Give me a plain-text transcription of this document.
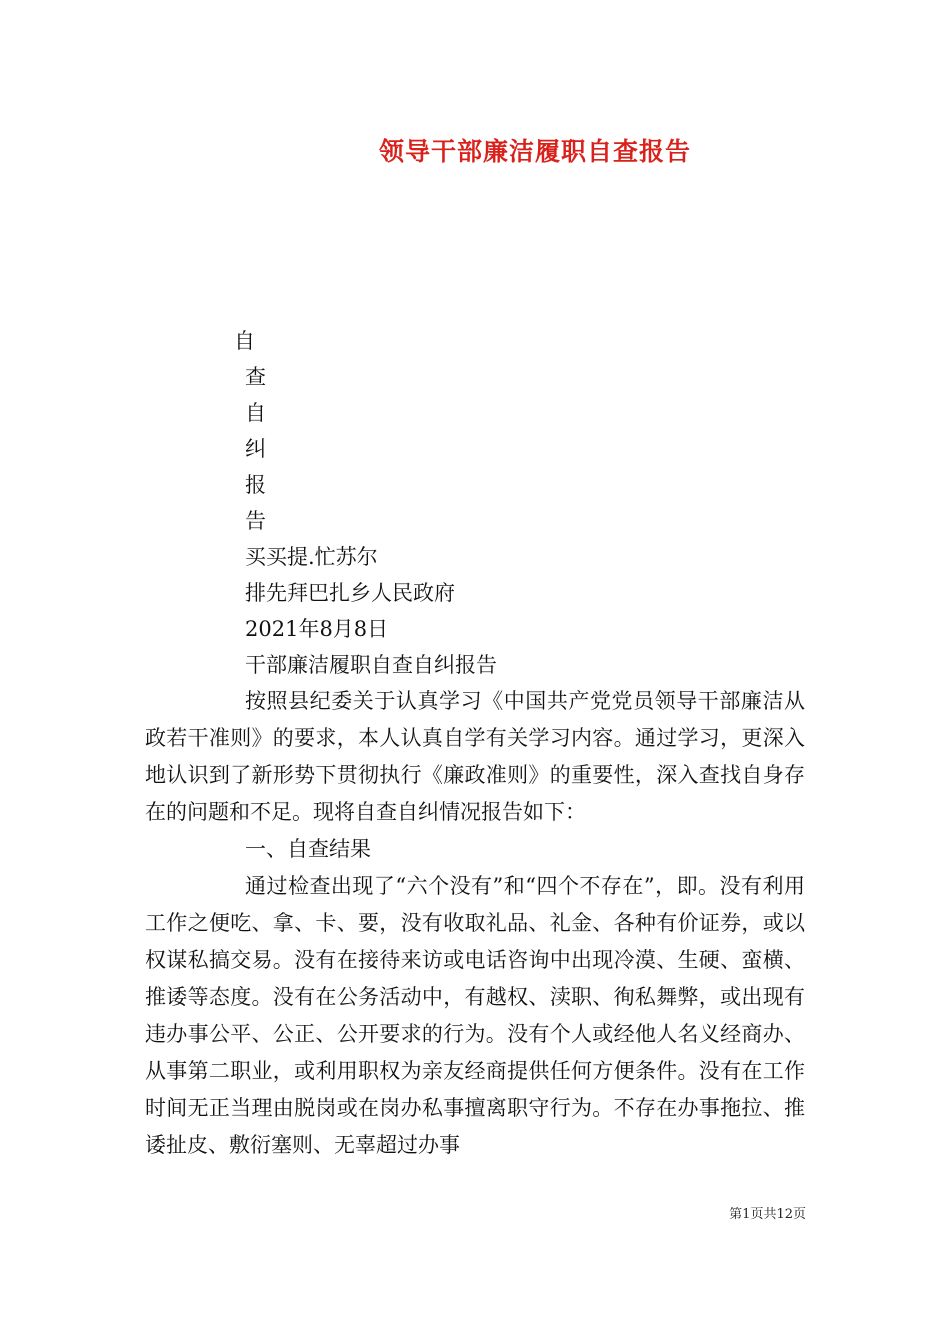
领导干部廉洁履职自查报告
自
查
自
纠
报
告
买买提.忙苏尔
排先拜巴扎乡人民政府
2021年8月8日
干部廉洁履职自查自纠报告

按照县纪委关于认真学习《中国共产党党员领导干部廉洁从政若干准则》的要求，本人认真自学有关学习内容。通过学习，更深入地认识到了新形势下贯彻执行《廉政准则》的重要性，深入查找自身存在的问题和不足。现将自查自纠情况报告如下：

一、自查结果

通过检查出现了“六个没有”和“四个不存在”，即。没有利用工作之便吃、拿、卡、要，没有收取礼品、礼金、各种有价证券，或以权谋私搞交易。没有在接待来访或电话咨询中出现冷漠、生硬、蛮横、推诿等态度。没有在公务活动中，有越权、渎职、徇私舞弊，或出现有违办事公平、公正、公开要求的行为。没有个人或经他人名义经商办、从事第二职业，或利用职权为亲友经商提供任何方便条件。没有在工作时间无正当理由脱岗或在岗办私事擅离职守行为。不存在办事拖拉、推诿扯皮、敷衍塞则、无辜超过办事

第1页共12页
